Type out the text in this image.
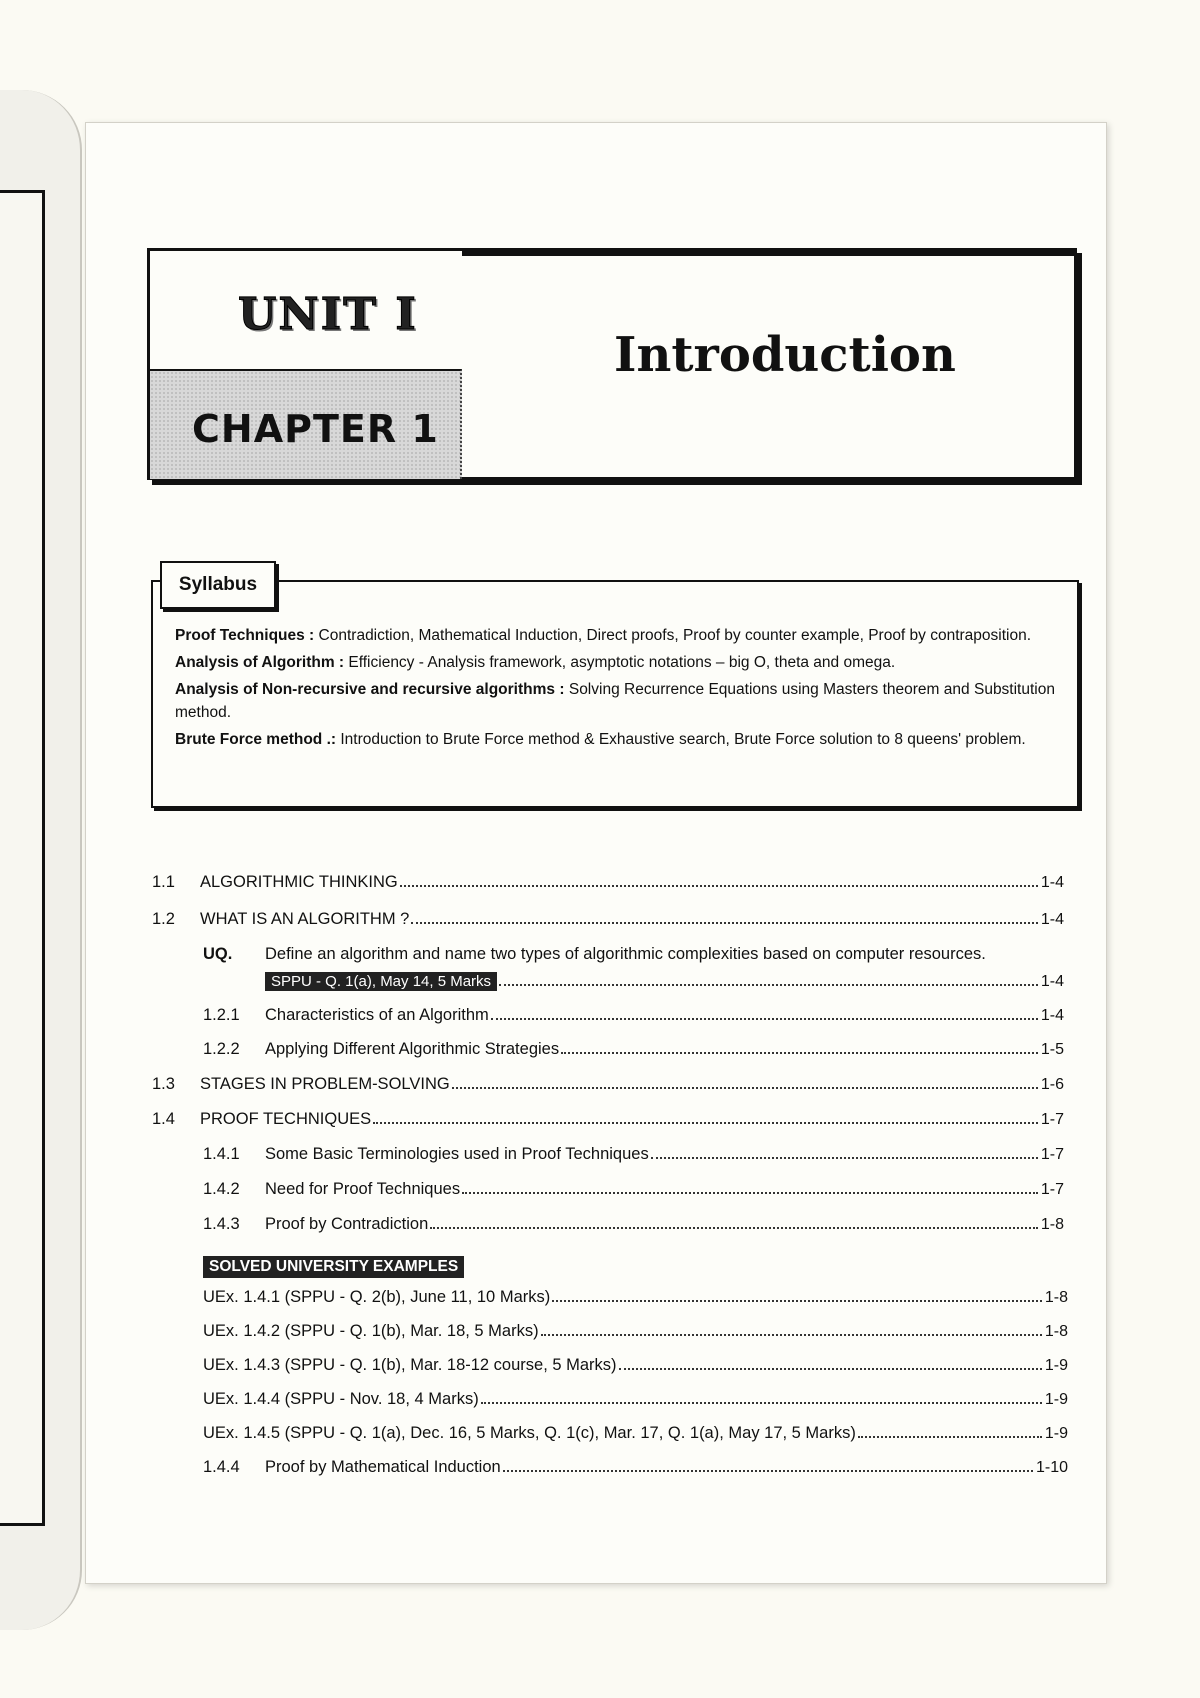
UNIT I
CHAPTER 1
Introduction
Syllabus

Proof Techniques : Contradiction, Mathematical Induction, Direct proofs, Proof by counter example, Proof by contraposition.

Analysis of Algorithm : Efficiency - Analysis framework, asymptotic notations – big O, theta and omega.

Analysis of Non-recursive and recursive algorithms : Solving Recurrence Equations using Masters theorem and Substitution method.

Brute Force method .: Introduction to Brute Force method & Exhaustive search, Brute Force solution to 8 queens' problem.

1.1	ALGORITHMIC THINKING	1-4
1.2	WHAT IS AN ALGORITHM ?	1-4
UQ.	Define an algorithm and name two types of algorithmic complexities based on computer resources.
SPPU - Q. 1(a), May 14, 5 Marks	1-4
1.2.1	Characteristics of an Algorithm	1-4
1.2.2	Applying Different Algorithmic Strategies	1-5
1.3	STAGES IN PROBLEM-SOLVING	1-6
1.4	PROOF TECHNIQUES	1-7
1.4.1	Some Basic Terminologies used in Proof Techniques	1-7
1.4.2	Need for Proof Techniques	1-7
1.4.3	Proof by Contradiction	1-8
SOLVED UNIVERSITY EXAMPLES
UEx. 1.4.1 (SPPU - Q. 2(b), June 11, 10 Marks)	1-8
UEx. 1.4.2 (SPPU - Q. 1(b), Mar. 18, 5 Marks)	1-8
UEx. 1.4.3 (SPPU - Q. 1(b), Mar. 18-12 course, 5 Marks)	1-9
UEx. 1.4.4 (SPPU - Nov. 18, 4 Marks)	1-9
UEx. 1.4.5 (SPPU - Q. 1(a), Dec. 16, 5 Marks, Q. 1(c), Mar. 17, Q. 1(a), May 17, 5 Marks)	1-9
1.4.4	Proof by Mathematical Induction	1-10
